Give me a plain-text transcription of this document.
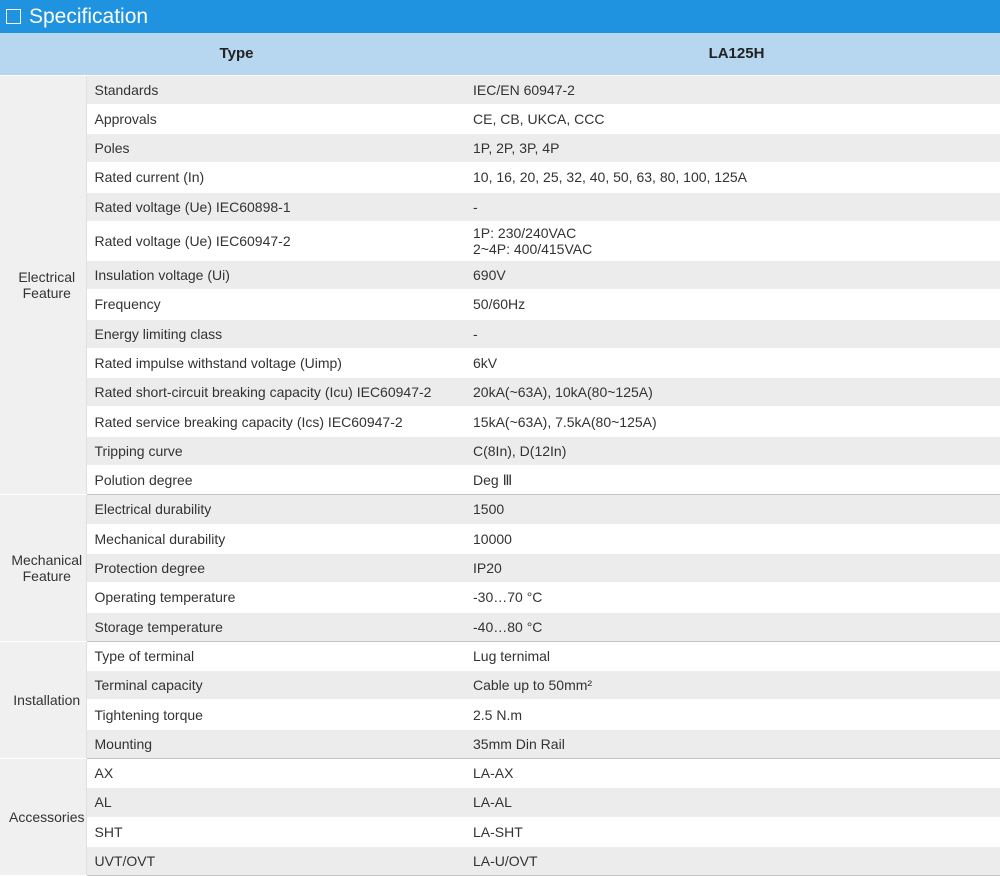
Specification
Type		LA125H

Electrical
Feature	Standards	IEC/EN 60947-2

	Approvals	CE, CB, UKCA, CCC

	Poles	1P, 2P, 3P, 4P

	Rated current (In)	10, 16, 20, 25, 32, 40, 50, 63, 80, 100, 125A

	Rated voltage (Ue) IEC60898-1	-

	Rated voltage (Ue) IEC60947-2	1P: 230/240VAC
2~4P: 400/415VAC

	Insulation voltage (Ui)	690V

	Frequency	50/60Hz

	Energy limiting class	-

	Rated impulse withstand voltage (Uimp)	6kV

	Rated short-circuit breaking capacity (Icu) IEC60947-2	20kA(~63A), 10kA(80~125A)

	Rated service breaking capacity (Ics) IEC60947-2	15kA(~63A), 7.5kA(80~125A)

	Tripping curve	C(8In), D(12In)

	Polution degree	Deg Ⅲ

Mechanical
Feature	Electrical durability	1500

	Mechanical durability	10000

	Protection degree	IP20

	Operating temperature	-30…70 °C

	Storage temperature	-40…80 °C

Installation	Type of terminal	Lug ternimal

	Terminal capacity	Cable up to 50mm²

	Tightening torque	2.5 N.m

	Mounting	35mm Din Rail

Accessories	AX	LA-AX

	AL	LA-AL

	SHT	LA-SHT

	UVT/OVT	LA-U/OVT
